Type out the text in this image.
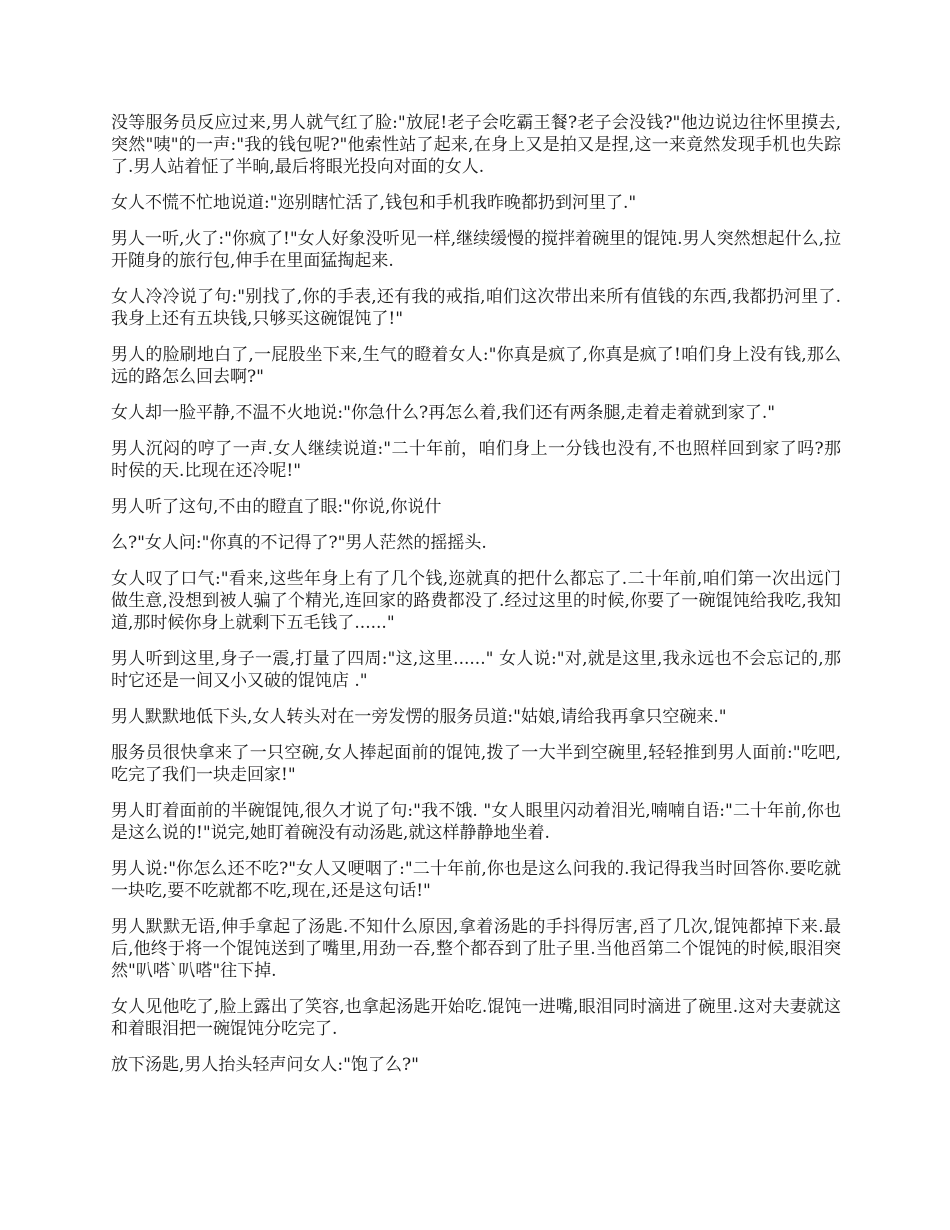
没等服务员反应过来,男人就气红了脸:"放屁!老子会吃霸王餐?老子会没钱?"他边说边往怀里摸去,突然"咦"的一声:"我的钱包呢?"他索性站了起来,在身上又是拍又是捏,这一来竟然发现手机也失踪了.男人站着怔了半晌,最后将眼光投向对面的女人.

女人不慌不忙地说道:"迩别瞎忙活了,钱包和手机我昨晚都扔到河里了."

男人一听,火了:"你疯了!"女人好象没听见一样,继续缓慢的搅拌着碗里的馄饨.男人突然想起什么,拉开随身的旅行包,伸手在里面猛掏起来.

女人冷冷说了句:"别找了,你的手表,还有我的戒指,咱们这次带出来所有值钱的东西,我都扔河里了.我身上还有五块钱,只够买这碗馄饨了!"

男人的脸刷地白了,一屁股坐下来,生气的瞪着女人:"你真是疯了,你真是疯了!咱们身上没有钱,那么远的路怎么回去啊?"

女人却一脸平静,不温不火地说:"你急什么?再怎么着,我们还有两条腿,走着走着就到家了."

男人沉闷的哼了一声.女人继续说道:"二十年前，咱们身上一分钱也没有,不也照样回到家了吗?那时侯的天.比现在还冷呢!"

男人听了这句,不由的瞪直了眼:"你说,你说什

么?"女人问:"你真的不记得了?"男人茫然的摇摇头.

女人叹了口气:"看来,这些年身上有了几个钱,迩就真的把什么都忘了.二十年前,咱们第一次出远门做生意,没想到被人骗了个精光,连回家的路费都没了.经过这里的时候,你要了一碗馄饨给我吃,我知道,那时候你身上就剩下五毛钱了......"

男人听到这里,身子一震,打量了四周:"这,这里......" 女人说:"对,就是这里,我永远也不会忘记的,那时它还是一间又小又破的馄饨店 ."

男人默默地低下头,女人转头对在一旁发愣的服务员道:"姑娘,请给我再拿只空碗来."

服务员很快拿来了一只空碗,女人捧起面前的馄饨,拨了一大半到空碗里,轻轻推到男人面前:"吃吧,吃完了我们一块走回家!"

男人盯着面前的半碗馄饨,很久才说了句:"我不饿. "女人眼里闪动着泪光,喃喃自语:"二十年前,你也是这么说的!"说完,她盯着碗没有动汤匙,就这样静静地坐着.

男人说:"你怎么还不吃?"女人又哽咽了:"二十年前,你也是这么问我的.我记得我当时回答你.要吃就一块吃,要不吃就都不吃,现在,还是这句话!"

男人默默无语,伸手拿起了汤匙.不知什么原因,拿着汤匙的手抖得厉害,舀了几次,馄饨都掉下来.最后,他终于将一个馄饨送到了嘴里,用劲一吞,整个都吞到了肚子里.当他舀第二个馄饨的时候,眼泪突然"叭嗒`叭嗒"往下掉.

女人见他吃了,脸上露出了笑容,也拿起汤匙开始吃.馄饨一进嘴,眼泪同时滴进了碗里.这对夫妻就这和着眼泪把一碗馄饨分吃完了.

放下汤匙,男人抬头轻声问女人:"饱了么?"
